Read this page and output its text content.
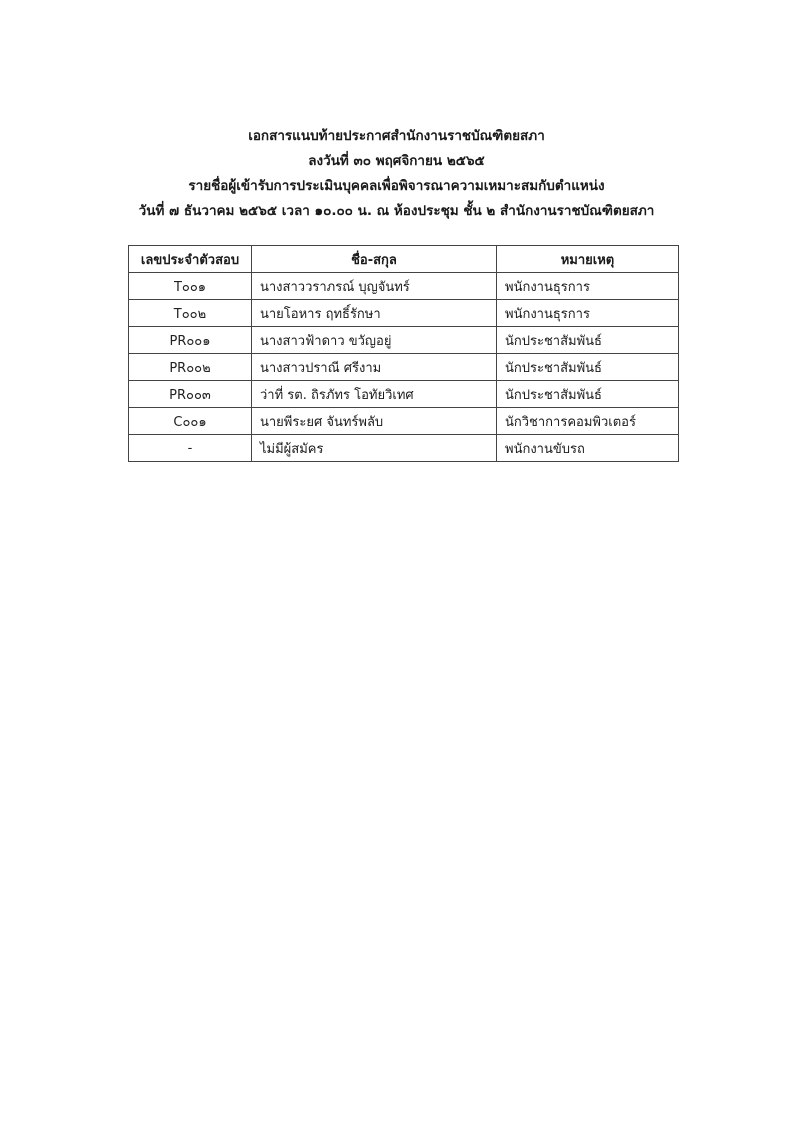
เอกสารแนบท้ายประกาศสำนักงานราชบัณฑิตยสภา
ลงวันที่ ๓๐ พฤศจิกายน ๒๕๖๕
รายชื่อผู้เข้ารับการประเมินบุคคลเพื่อพิจารณาความเหมาะสมกับตำแหน่ง
วันที่ ๗ ธันวาคม ๒๕๖๕ เวลา ๑๐.๐๐ น. ณ ห้องประชุม ชั้น ๒ สำนักงานราชบัณฑิตยสภา
เลขประจำตัวสอบ	ชื่อ-สกุล	หมายเหตุ
T๐๐๑	นางสาววราภรณ์ บุญจันทร์	พนักงานธุรการ
T๐๐๒	นายโอหาร ฤทธิ์รักษา	พนักงานธุรการ
PR๐๐๑	นางสาวฟ้าดาว ขวัญอยู่	นักประชาสัมพันธ์
PR๐๐๒	นางสาวปราณี ศรีงาม	นักประชาสัมพันธ์
PR๐๐๓	ว่าที่ รต. ถิรภัทร โอทัยวิเทศ	นักประชาสัมพันธ์
C๐๐๑	นายพีระยศ จันทร์พลับ	นักวิชาการคอมพิวเตอร์
-	ไม่มีผู้สมัคร	พนักงานขับรถ
